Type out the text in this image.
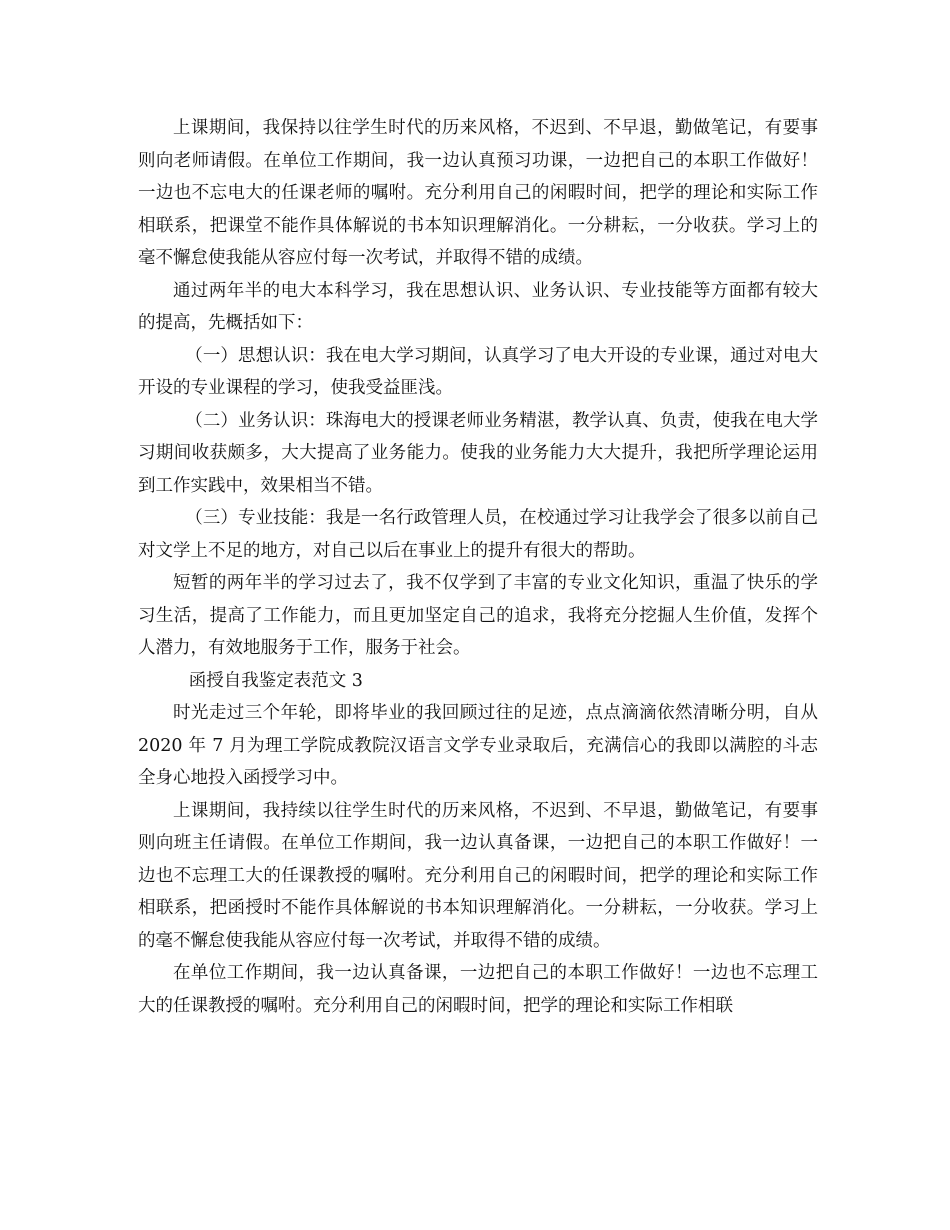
上课期间，我保持以往学生时代的历来风格，不迟到、不早退，勤做笔记，有要事则向老师请假。在单位工作期间，我一边认真预习功课，一边把自己的本职工作做好！一边也不忘电大的任课老师的嘱咐。充分利用自己的闲暇时间，把学的理论和实际工作相联系，把课堂不能作具体解说的书本知识理解消化。一分耕耘，一分收获。学习上的毫不懈怠使我能从容应付每一次考试，并取得不错的成绩。

通过两年半的电大本科学习，我在思想认识、业务认识、专业技能等方面都有较大的提高，先概括如下：

（一）思想认识：我在电大学习期间，认真学习了电大开设的专业课，通过对电大开设的专业课程的学习，使我受益匪浅。

（二）业务认识：珠海电大的授课老师业务精湛，教学认真、负责，使我在电大学习期间收获颇多，大大提高了业务能力。使我的业务能力大大提升，我把所学理论运用到工作实践中，效果相当不错。

（三）专业技能：我是一名行政管理人员，在校通过学习让我学会了很多以前自己对文学上不足的地方，对自己以后在事业上的提升有很大的帮助。

短暂的两年半的学习过去了，我不仅学到了丰富的专业文化知识，重温了快乐的学习生活，提高了工作能力，而且更加坚定自己的追求，我将充分挖掘人生价值，发挥个人潜力，有效地服务于工作，服务于社会。

函授自我鉴定表范文 3

时光走过三个年轮，即将毕业的我回顾过往的足迹，点点滴滴依然清晰分明，自从 2020 年 7 月为理工学院成教院汉语言文学专业录取后，充满信心的我即以满腔的斗志全身心地投入函授学习中。

上课期间，我持续以往学生时代的历来风格，不迟到、不早退，勤做笔记，有要事则向班主任请假。在单位工作期间，我一边认真备课，一边把自己的本职工作做好！一边也不忘理工大的任课教授的嘱咐。充分利用自己的闲暇时间，把学的理论和实际工作相联系，把函授时不能作具体解说的书本知识理解消化。一分耕耘，一分收获。学习上的毫不懈怠使我能从容应付每一次考试，并取得不错的成绩。

在单位工作期间，我一边认真备课，一边把自己的本职工作做好！一边也不忘理工大的任课教授的嘱咐。充分利用自己的闲暇时间，把学的理论和实际工作相联
